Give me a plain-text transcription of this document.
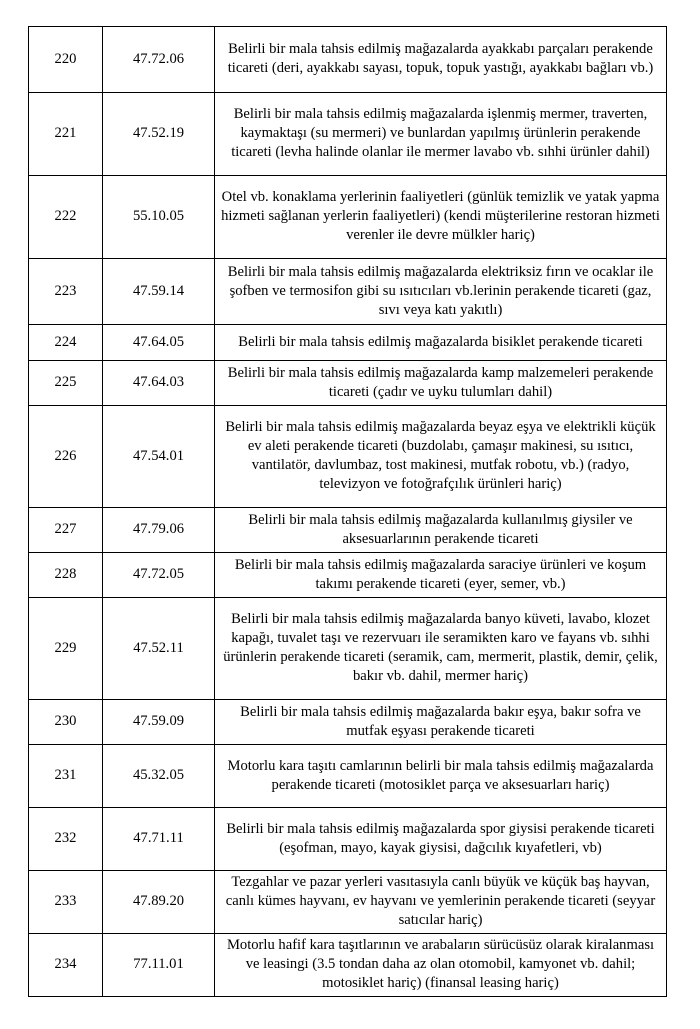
220	47.72.06	Belirli bir mala tahsis edilmiş mağazalarda ayakkabı parçaları perakende ticareti (deri, ayakkabı sayası, topuk, topuk yastığı, ayakkabı bağları vb.)
221	47.52.19	Belirli bir mala tahsis edilmiş mağazalarda işlenmiş mermer, traverten, kaymaktaşı (su mermeri) ve bunlardan yapılmış ürünlerin perakende ticareti (levha halinde olanlar ile mermer lavabo vb. sıhhi ürünler dahil)
222	55.10.05	Otel vb. konaklama yerlerinin faaliyetleri (günlük temizlik ve yatak yapma hizmeti sağlanan yerlerin faaliyetleri) (kendi müşterilerine restoran hizmeti verenler ile devre mülkler hariç)
223	47.59.14	Belirli bir mala tahsis edilmiş mağazalarda elektriksiz fırın ve ocaklar ile şofben ve termosifon gibi su ısıtıcıları vb.lerinin perakende ticareti (gaz, sıvı veya katı yakıtlı)
224	47.64.05	Belirli bir mala tahsis edilmiş mağazalarda bisiklet perakende ticareti
225	47.64.03	Belirli bir mala tahsis edilmiş mağazalarda kamp malzemeleri perakende ticareti (çadır ve uyku tulumları dahil)
226	47.54.01	Belirli bir mala tahsis edilmiş mağazalarda beyaz eşya ve elektrikli küçük ev aleti perakende ticareti (buzdolabı, çamaşır makinesi, su ısıtıcı, vantilatör, davlumbaz, tost makinesi, mutfak robotu, vb.) (radyo, televizyon ve fotoğrafçılık ürünleri hariç)
227	47.79.06	Belirli bir mala tahsis edilmiş mağazalarda kullanılmış giysiler ve aksesuarlarının perakende ticareti
228	47.72.05	Belirli bir mala tahsis edilmiş mağazalarda saraciye ürünleri ve koşum takımı perakende ticareti (eyer, semer, vb.)
229	47.52.11	Belirli bir mala tahsis edilmiş mağazalarda banyo küveti, lavabo, klozet kapağı, tuvalet taşı ve rezervuarı ile seramikten karo ve fayans vb. sıhhi ürünlerin perakende ticareti (seramik, cam, mermerit, plastik, demir, çelik, bakır vb. dahil, mermer hariç)
230	47.59.09	Belirli bir mala tahsis edilmiş mağazalarda bakır eşya, bakır sofra ve mutfak eşyası perakende ticareti
231	45.32.05	Motorlu kara taşıtı camlarının belirli bir mala tahsis edilmiş mağazalarda perakende ticareti (motosiklet parça ve aksesuarları hariç)
232	47.71.11	Belirli bir mala tahsis edilmiş mağazalarda spor giysisi perakende ticareti (eşofman, mayo, kayak giysisi, dağcılık kıyafetleri, vb)
233	47.89.20	Tezgahlar ve pazar yerleri vasıtasıyla canlı büyük ve küçük baş hayvan, canlı kümes hayvanı, ev hayvanı ve yemlerinin perakende ticareti (seyyar satıcılar hariç)
234	77.11.01	Motorlu hafif kara taşıtlarının ve arabaların sürücüsüz olarak kiralanması ve leasingi (3.5 tondan daha az olan otomobil, kamyonet vb. dahil; motosiklet hariç) (finansal leasing hariç)
